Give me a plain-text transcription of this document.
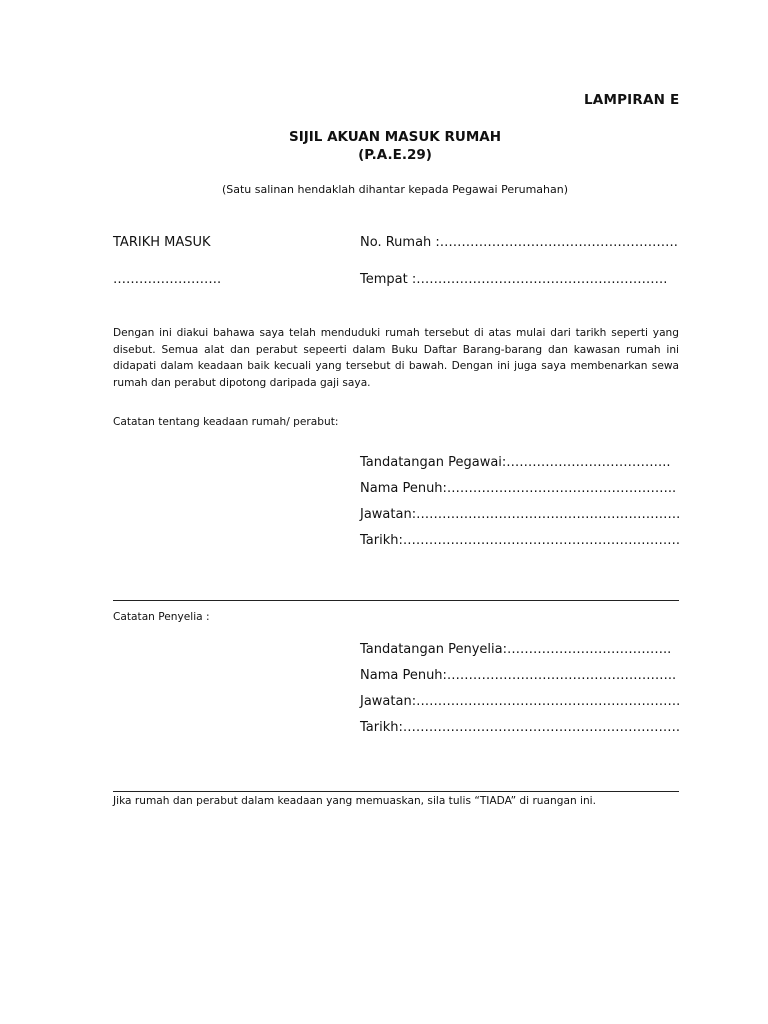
LAMPIRAN E
SIJIL AKUAN MASUK RUMAH
(P.A.E.29)
(Satu salinan hendaklah dihantar kepada Pegawai Perumahan)
TARIKH MASUK	No. Rumah :……………………………………………….
…………………….	Tempat :………………………………………………….
Dengan ini diakui bahawa saya telah menduduki rumah tersebut di atas mulai dari tarikh seperti yang disebut. Semua alat dan perabut sepeerti dalam Buku Daftar Barang-barang dan kawasan rumah ini didapati dalam keadaan baik kecuali yang tersebut di bawah. Dengan ini juga saya membenarkan sewa rumah dan perabut dipotong daripada gaji saya.
Catatan tentang keadaan rumah/ perabut:
Tandatangan Pegawai:………………………………..
Nama Penuh:……………………………………………..
Jawatan:…………………………………………………….
Tarikh:……………………………………………………….
Catatan Penyelia :
Tandatangan Penyelia:………………………………..
Nama Penuh:……………………………………………..
Jawatan:…………………………………………………….
Tarikh:……………………………………………………….
Jika rumah dan perabut dalam keadaan yang memuaskan, sila tulis “TIADA” di ruangan ini.
